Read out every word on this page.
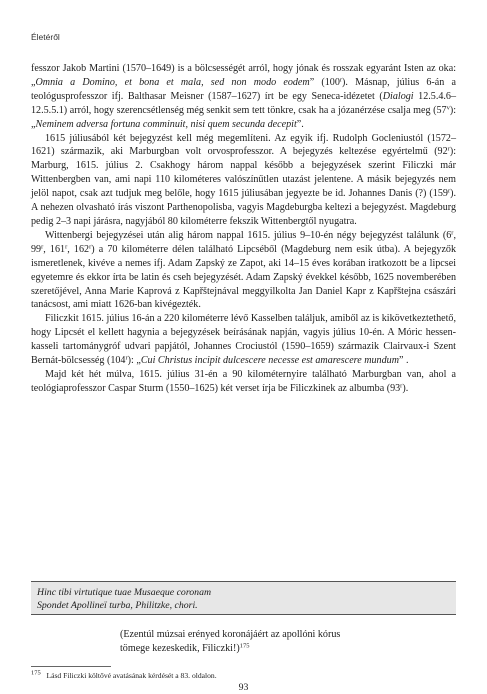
Életéről

fesszor Jakob Martini (1570–1649) is a bölcsességét arról, hogy jónak és rosszak egyaránt Isten az oka: „Omnia a Domino, et bona et mala, sed non modo eodem” (100$^r$). Másnap, július 6-án a teológusprofesszor ifj. Balthasar Meisner (1587–1627) írt be egy Seneca-idézetet (Dialogi 12.5.4.6–12.5.5.1) arról, hogy szerencsétlenség még senkit sem tett tönkre, csak ha a józanérzése csalja meg (57$^v$): „Neminem adversa fortuna comminuit, nisi quem secunda decepit”.

1615 júliusából két bejegyzést kell még megemlíteni. Az egyik ifj. Rudolph Gocleniustól (1572–1621) származik, aki Marburgban volt orvosprofesszor. A bejegyzés keltezése egyértelmű (92$^r$): Marburg, 1615. július 2. Csakhogy három nappal később a bejegyzések szerint Filiczki már Wittenbergben van, ami napi 110 kilométeres valószínűtlen utazást jelentene. A másik bejegyzés nem jelöl napot, csak azt tudjuk meg belőle, hogy 1615 júliusában jegyezte be id. Johannes Danis (?) (159$^r$). A nehezen olvasható írás viszont Parthenopolisba, vagyis Magdeburgba keltezi a bejegyzést. Magdeburg pedig 2–3 napi járásra, nagyjából 80 kilométerre fekszik Wittenbergtől nyugatra.

Wittenbergi bejegyzései után alig három nappal 1615. július 9–10-én négy bejegyzést találunk (6$^r$, 99$^r$, 161$^r$, 162$^r$) a 70 kilométerre délen található Lipcséből (Magdeburg nem esik útba). A bejegyzők ismeretlenek, kivéve a nemes ifj. Adam Zapský ze Zapot, aki 14–15 éves korában iratkozott be a lipcsei egyetemre és ekkor írta be latin és cseh bejegyzését. Adam Zapský évekkel később, 1625 novemberében szeretőjével, Anna Marie Kaprová z Kapřštejnával meggyilkolta Jan Daniel Kapr z Kapřštejna császári tanácsost, ami miatt 1626-ban kivégezték.

Filiczkit 1615. július 16-án a 220 kilométerre lévő Kasselben találjuk, amiből az is kikövetkeztethető, hogy Lipcsét el kellett hagynia a bejegyzések beírásának napján, vagyis július 10-én. A Móric hessen-kasseli tartománygróf udvari papjától, Johannes Crociustól (1590–1659) származik Clairvaux-i Szent Bernát-bölcsesség (104$^r$): „Cui Christus incipit dulcescere necesse est amarescere mundum” .

Majd két hét múlva, 1615. július 31-én a 90 kilométernyire található Marburgban van, ahol a teológiaprofesszor Caspar Sturm (1550–1625) két verset írja be Filiczkinek az albumba (93$^r$).

Hinc tibi virtutique tuae Musaeque coronam
Spondet Apollineï turba, Philitzke, chori.
(Ezentúl múzsai erényed koronájáért az apollóni kórus
tömege kezeskedik, Filiczki!)$^{175}$
$^{175}$ Lásd Filiczki költővé avatásának kérdését a 83. oldalon.
93
